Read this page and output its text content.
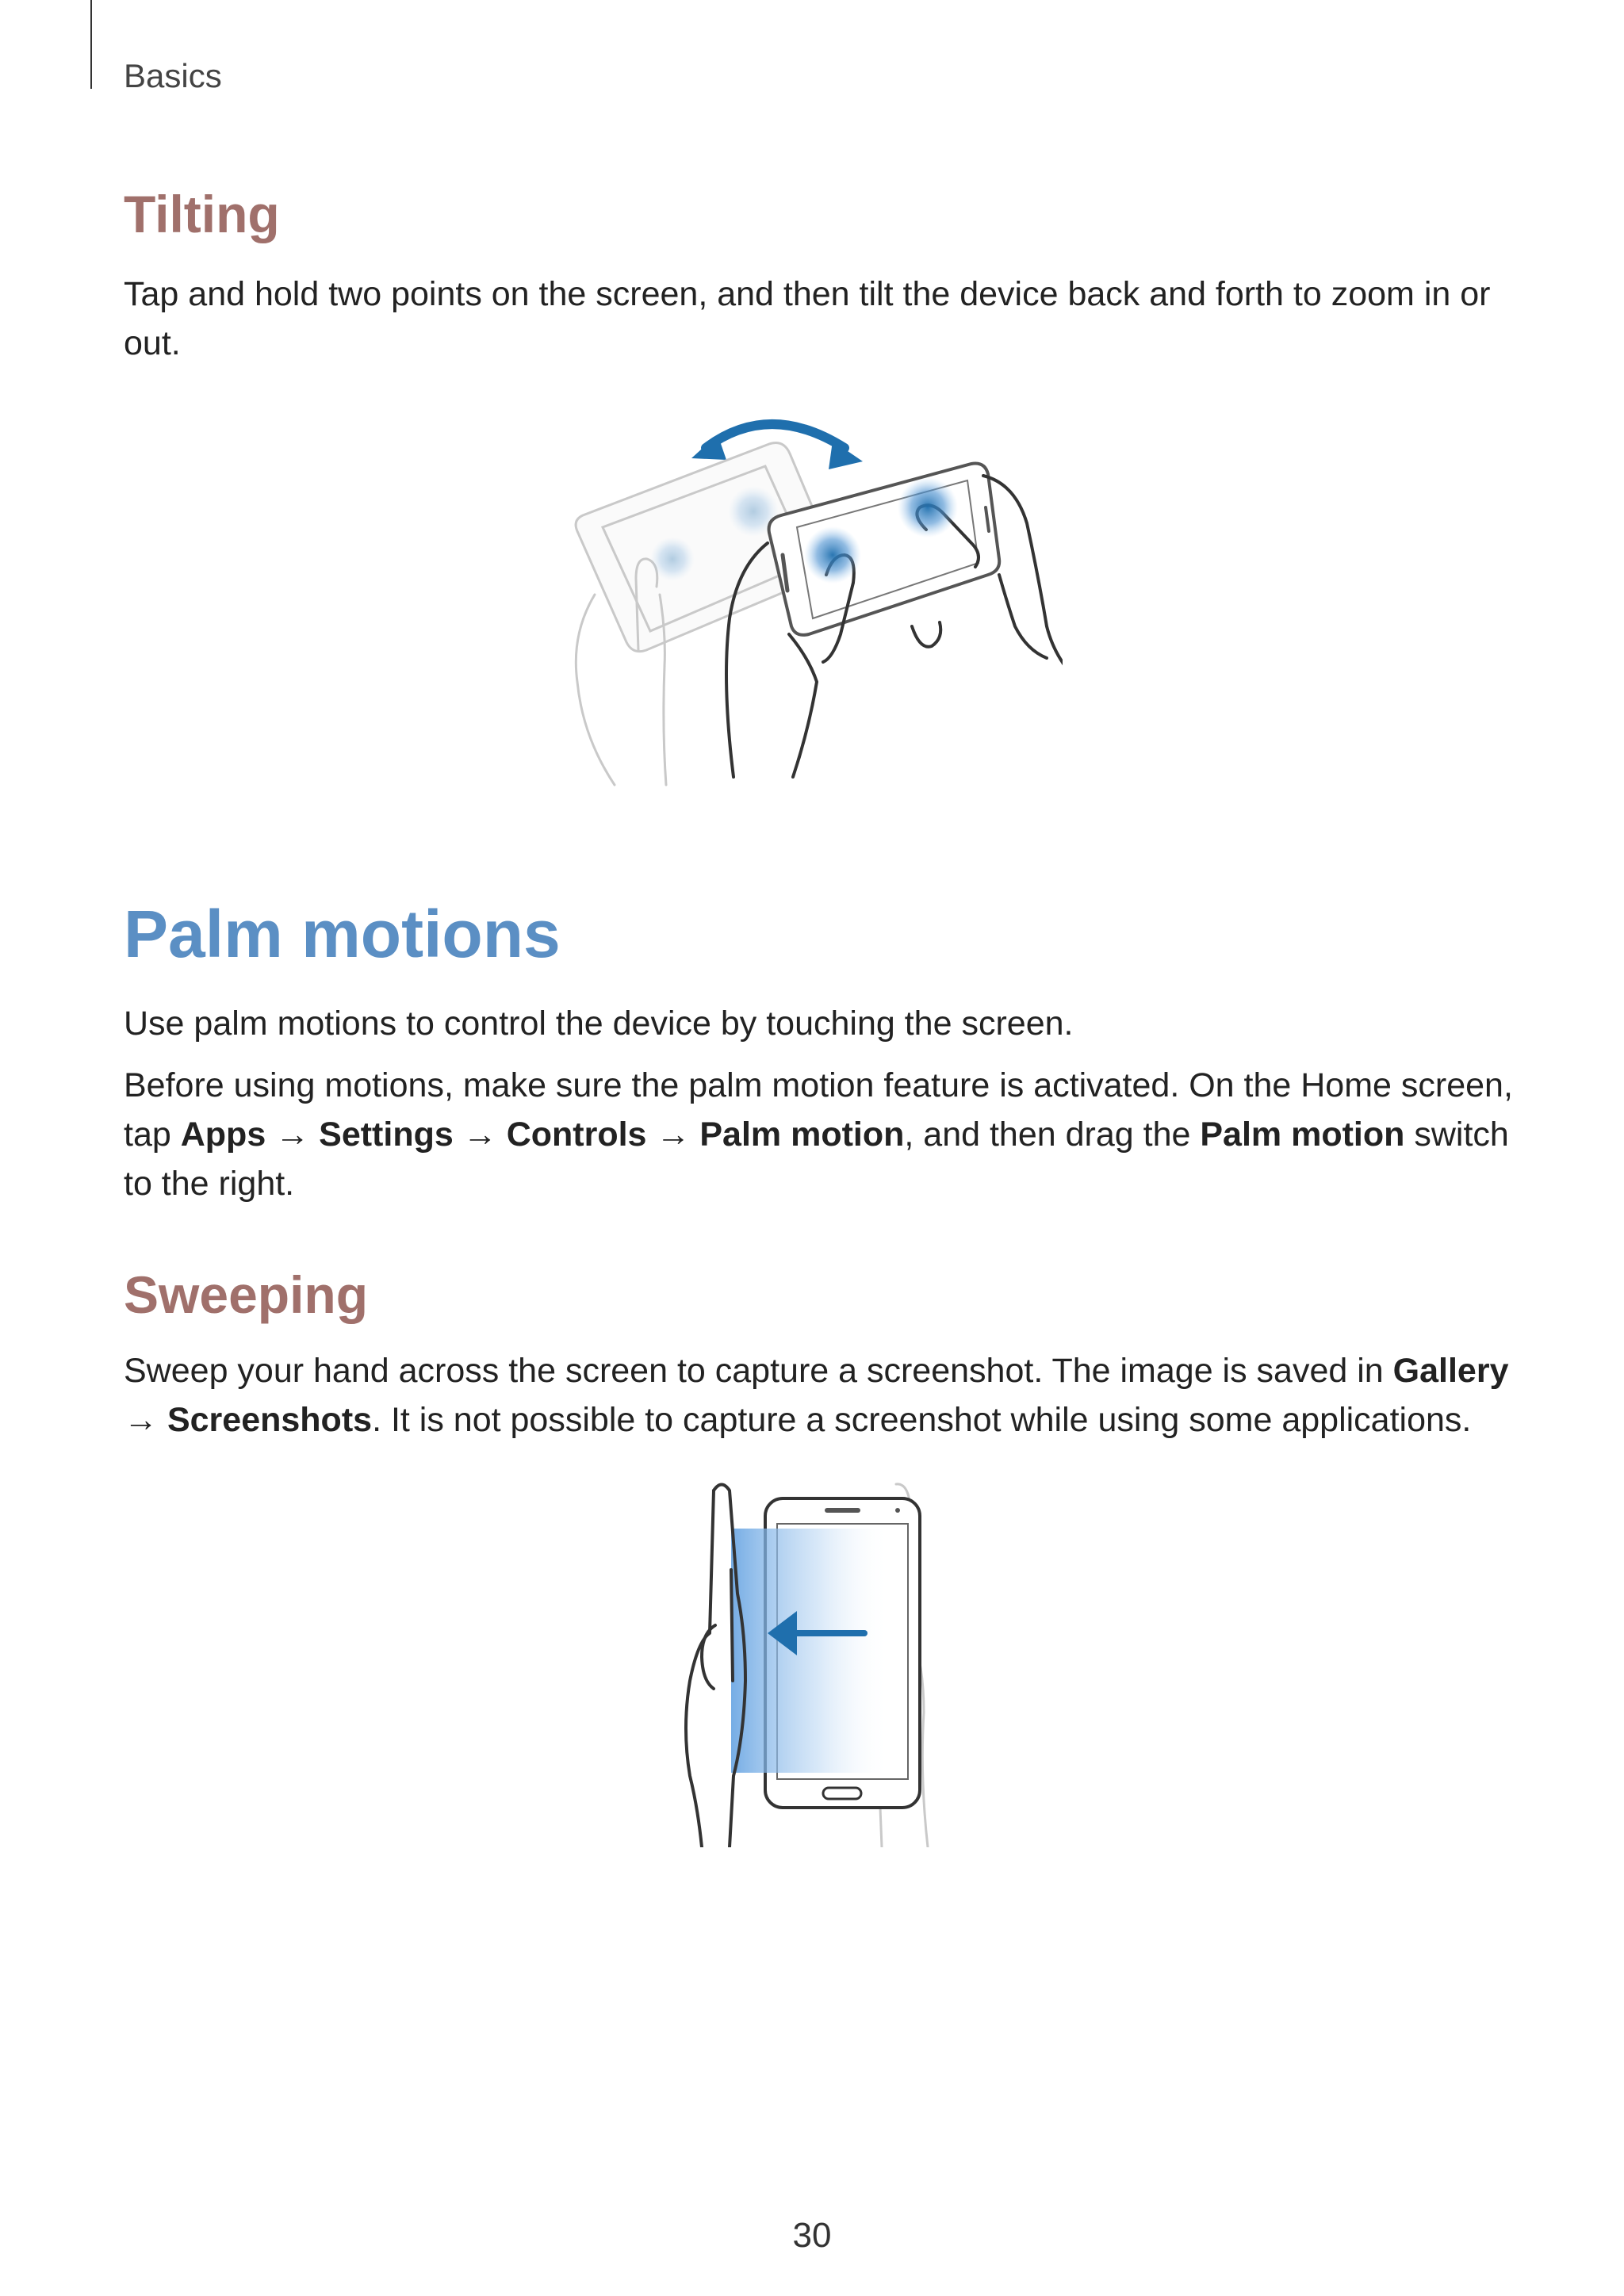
Basics
Tilting

Tap and hold two points on the screen, and then tilt the device back and forth to zoom in or out.

Palm motions

Use palm motions to control the device by touching the screen.

Before using motions, make sure the palm motion feature is activated. On the Home screen, tap Apps → Settings → Controls → Palm motion, and then drag the Palm motion switch to the right.

Sweeping

Sweep your hand across the screen to capture a screenshot. The image is saved in Gallery → Screenshots. It is not possible to capture a screenshot while using some applications.

30
